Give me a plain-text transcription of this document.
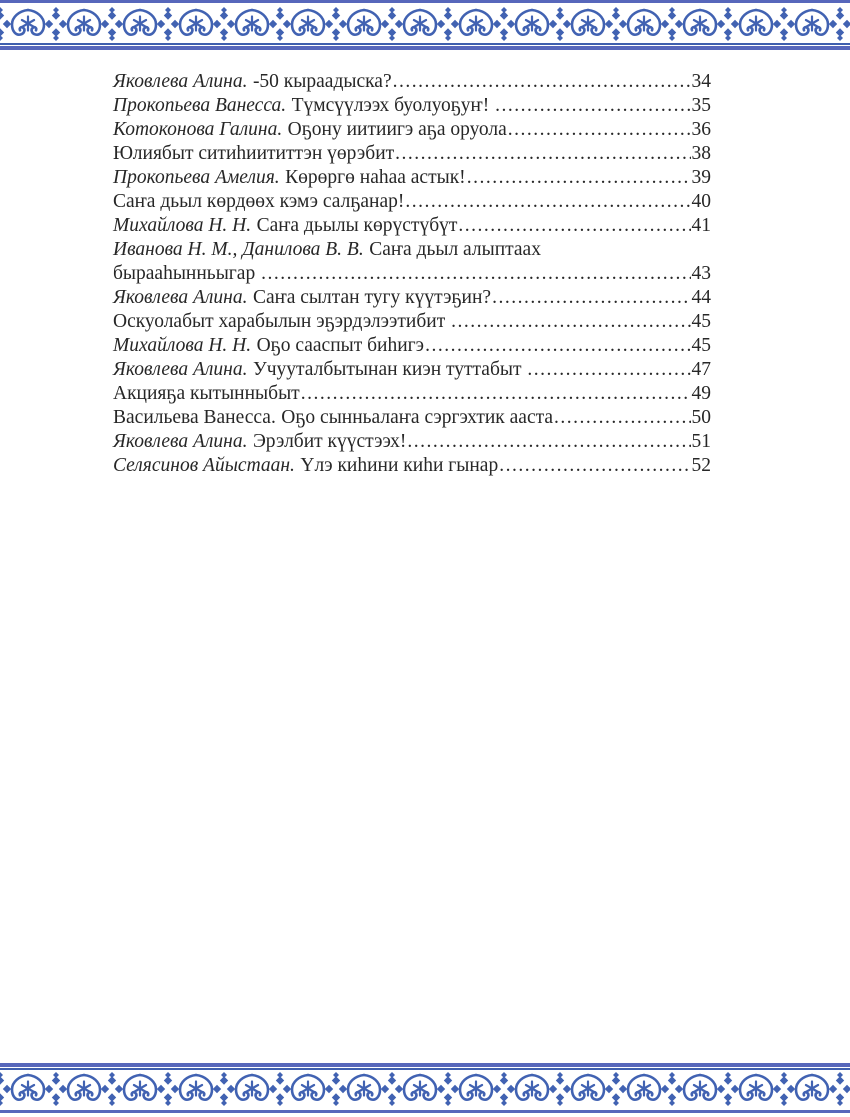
Яковлева Алина. -50 кыраадыска? .....	34
Прокопьева Ванесса. Түмсүүлээх буолуоҕуҥ! .....	35
Котоконова Галина. Оҕону иитиигэ аҕа оруола .....	36
Юлиябыт ситиһиититтэн үөрэбит .....	38
Прокопьева Амелия. Көрөргө наһаа астык! .....	39
Саҥа дьыл көрдөөх кэмэ салҕанар! .....	40
Михайлова Н. Н. Саҥа дьылы көрүстүбүт .....	41
Иванова Н. М., Данилова В. В. Саҥа дьыл алыптаах
бырааһынньыгар .....	43
Яковлева Алина. Саҥа сылтан тугу күүтэҕин? .....	44
Оскуолабыт харабылын эҕэрдэлээтибит .....	45
Михайлова Н. Н. Оҕо сааспыт биһигэ .....	45
Яковлева Алина. Учууталбытынан киэн туттабыт .....	47
Акцияҕа кытынныбыт .....	49
Васильева Ванесса. Оҕо сынньалаҥа сэргэхтик ааста .....	50
Яковлева Алина. Эрэлбит күүстээх! .....	51
Селясинов Айыстаан. Үлэ киһини киһи гынар .....	52
